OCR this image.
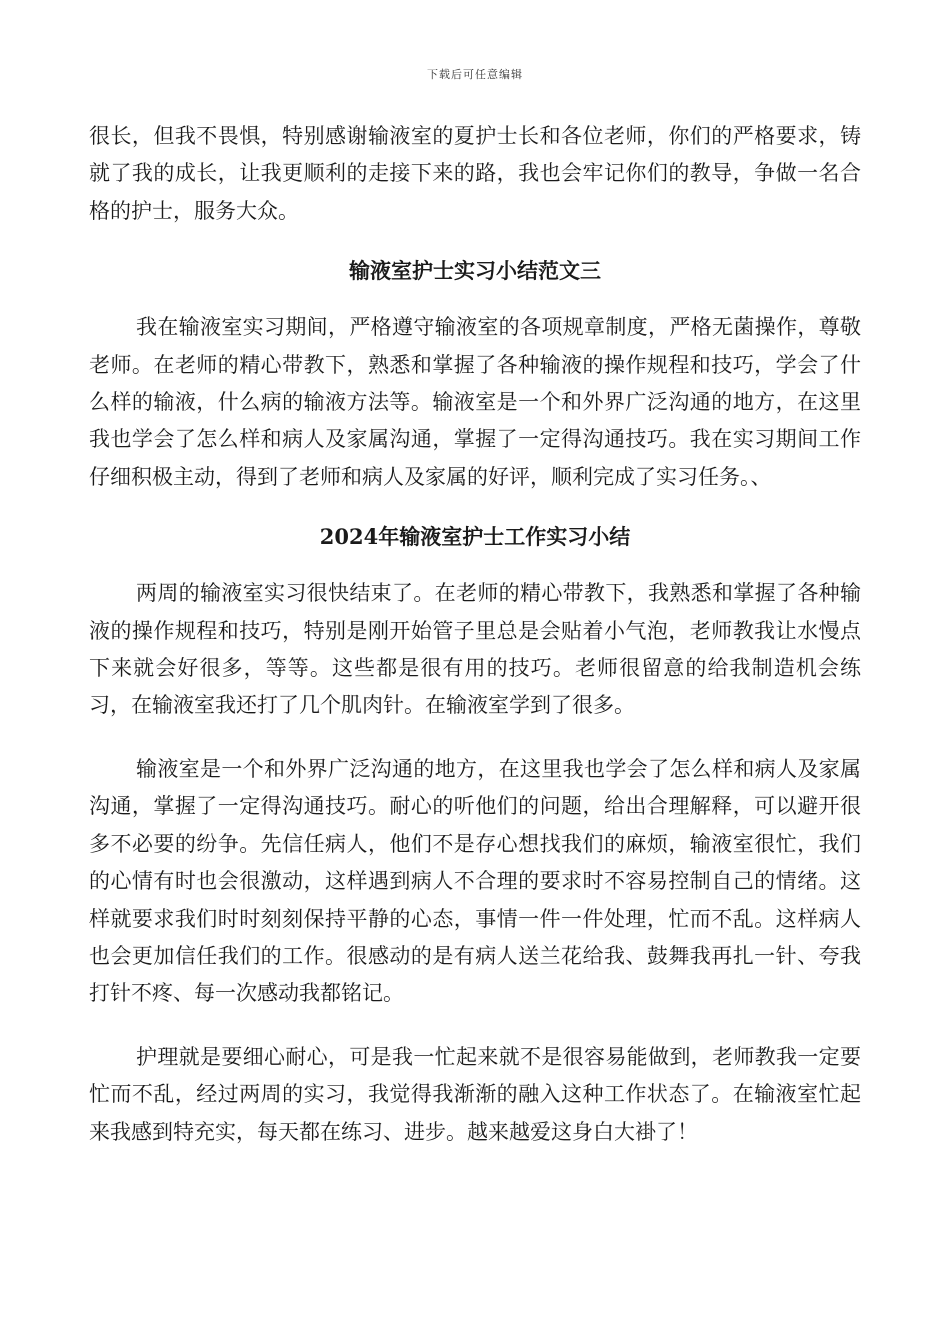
下载后可任意编辑

很长，但我不畏惧，特别感谢输液室的夏护士长和各位老师，你们的严格要求，铸就了我的成长，让我更顺利的走接下来的路，我也会牢记你们的教导，争做一名合格的护士，服务大众。

输液室护士实习小结范文三

我在输液室实习期间，严格遵守输液室的各项规章制度，严格无菌操作，尊敬老师。在老师的精心带教下，熟悉和掌握了各种输液的操作规程和技巧，学会了什么样的输液，什么病的输液方法等。输液室是一个和外界广泛沟通的地方，在这里我也学会了怎么样和病人及家属沟通，掌握了一定得沟通技巧。我在实习期间工作仔细积极主动，得到了老师和病人及家属的好评，顺利完成了实习任务。、

2024年输液室护士工作实习小结

两周的输液室实习很快结束了。在老师的精心带教下，我熟悉和掌握了各种输液的操作规程和技巧，特别是刚开始管子里总是会贴着小气泡，老师教我让水慢点下来就会好很多，等等。这些都是很有用的技巧。老师很留意的给我制造机会练习，在输液室我还打了几个肌肉针。在输液室学到了很多。

输液室是一个和外界广泛沟通的地方，在这里我也学会了怎么样和病人及家属沟通，掌握了一定得沟通技巧。耐心的听他们的问题，给出合理解释，可以避开很多不必要的纷争。先信任病人，他们不是存心想找我们的麻烦，输液室很忙，我们的心情有时也会很激动，这样遇到病人不合理的要求时不容易控制自己的情绪。这样就要求我们时时刻刻保持平静的心态，事情一件一件处理，忙而不乱。这样病人也会更加信任我们的工作。很感动的是有病人送兰花给我、鼓舞我再扎一针、夸我打针不疼、每一次感动我都铭记。

护理就是要细心耐心，可是我一忙起来就不是很容易能做到，老师教我一定要忙而不乱，经过两周的实习，我觉得我渐渐的融入这种工作状态了。在输液室忙起来我感到特充实，每天都在练习、进步。越来越爱这身白大褂了！
